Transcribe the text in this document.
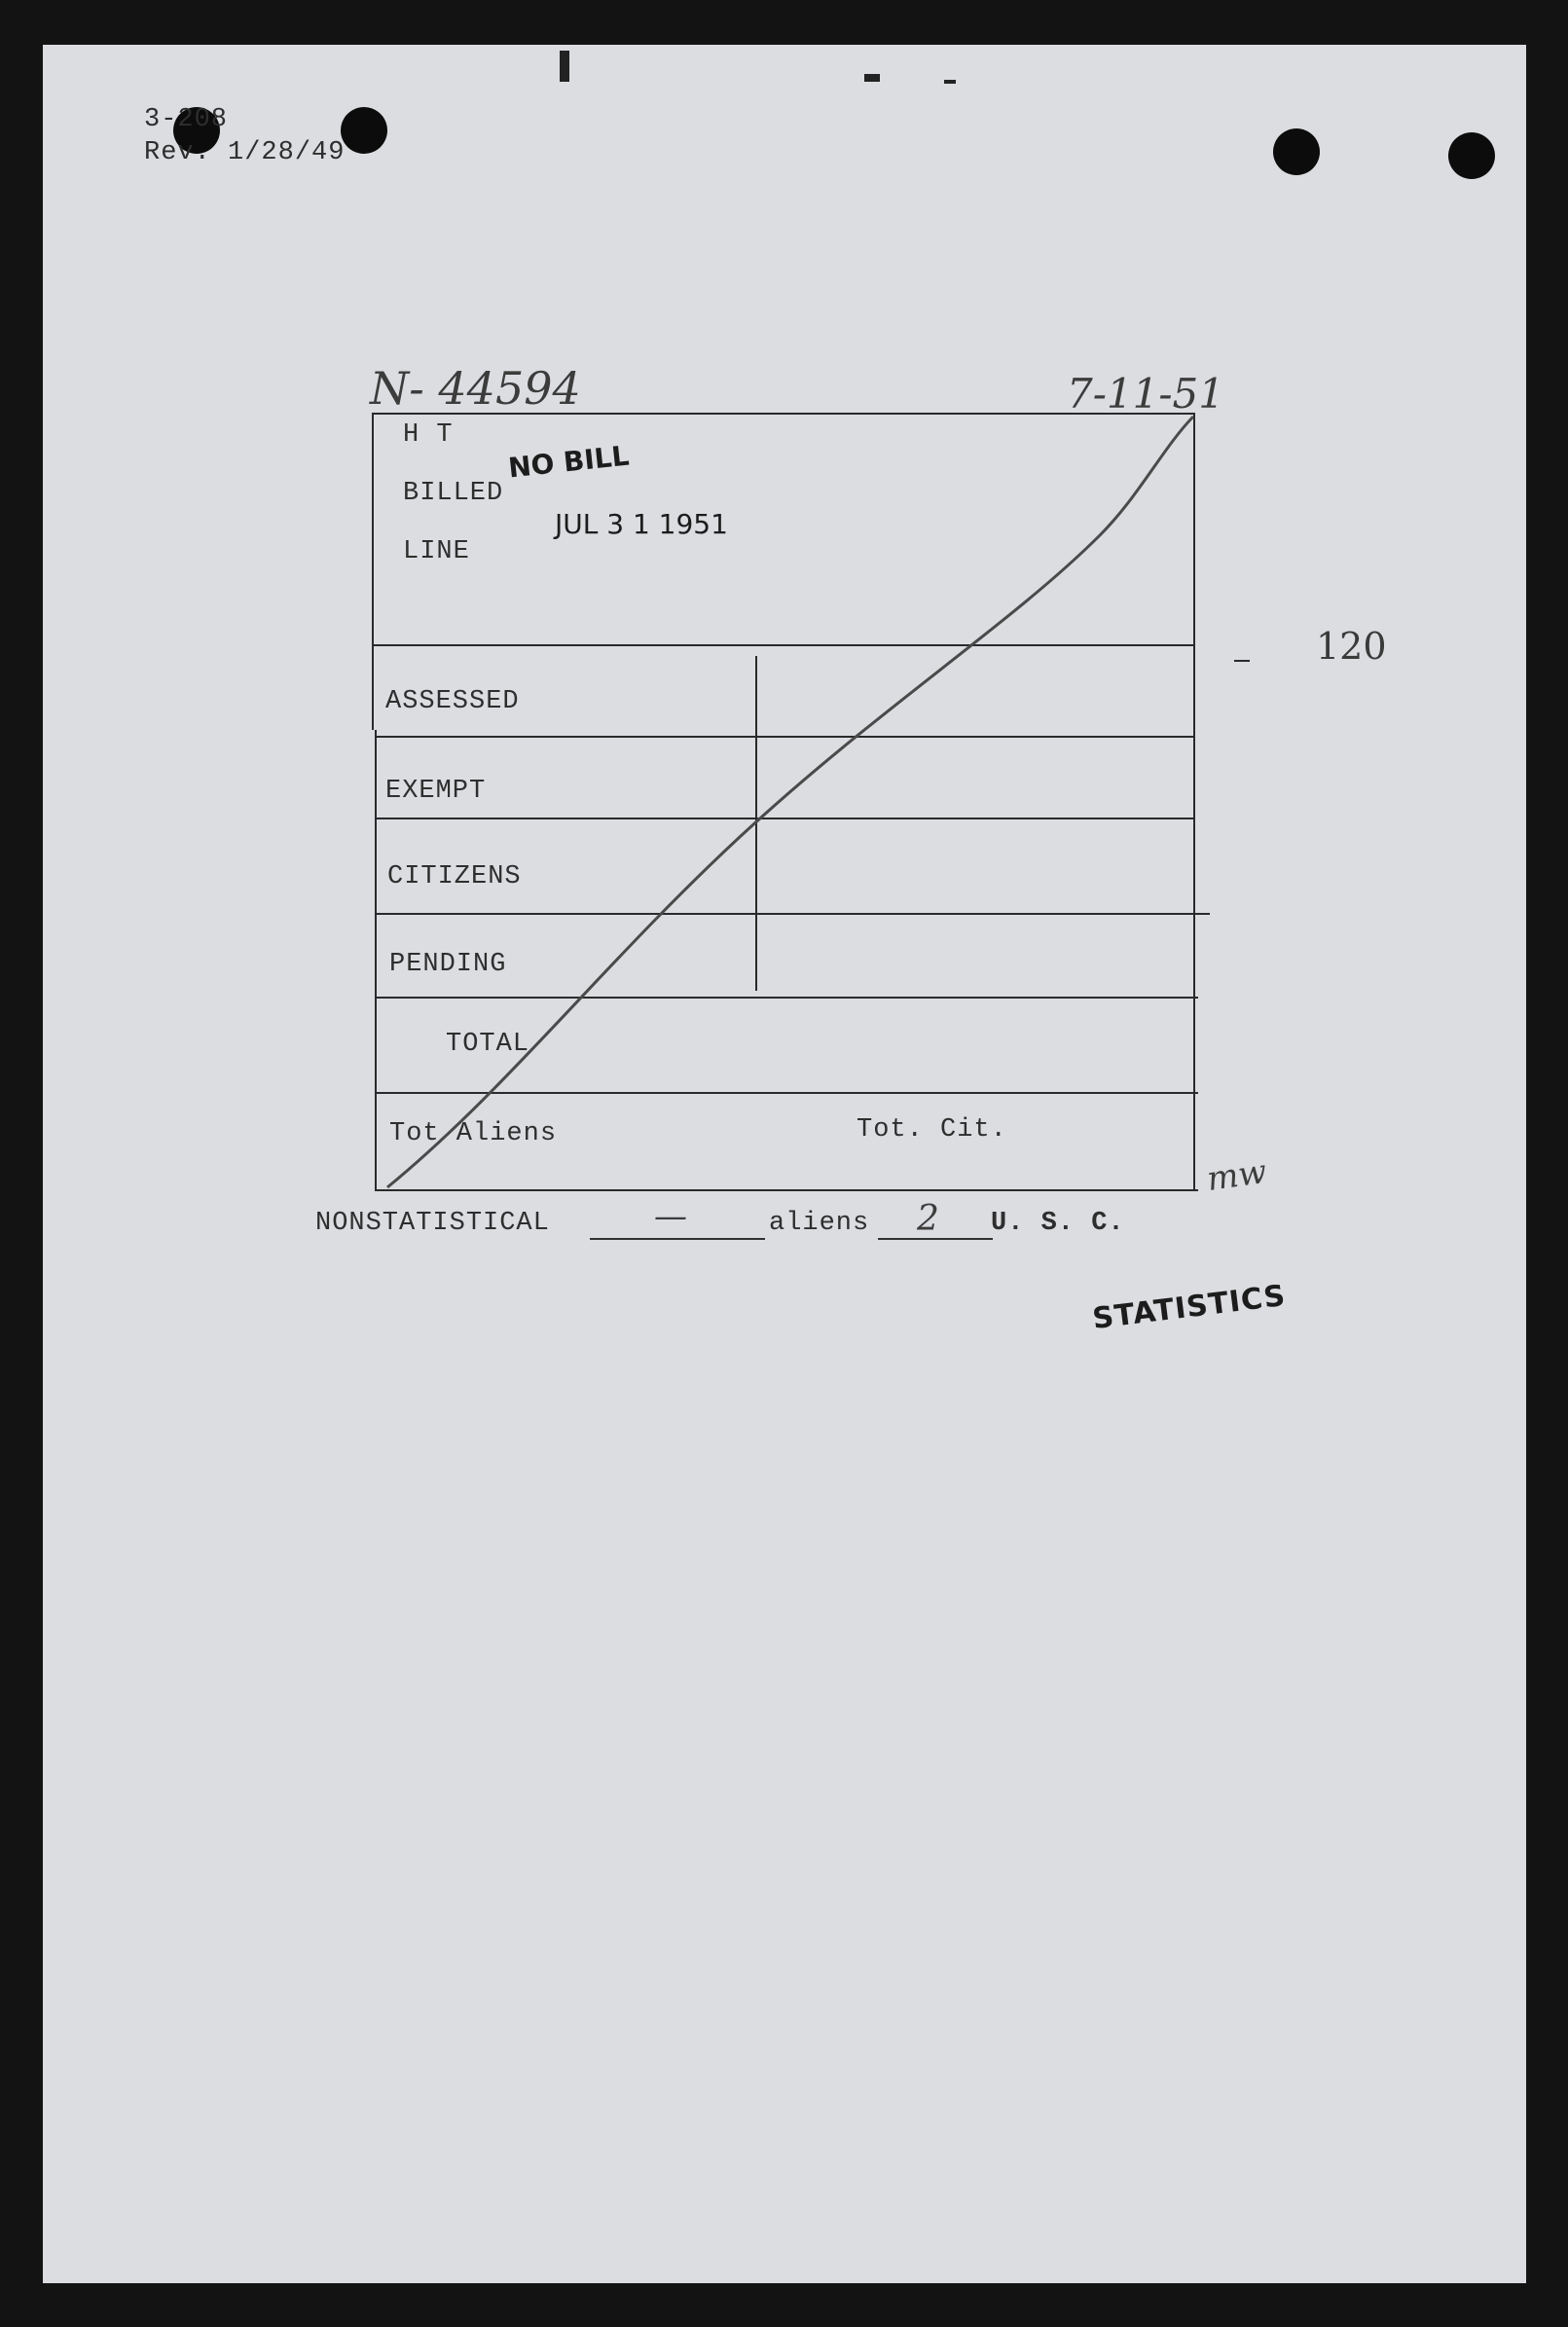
3-208
Rev. 1/28/49
N- 44594	7-11-51
H T
BILLED
LINE
NO BILL
JUL 3 1 1951
ASSESSED
EXEMPT
CITIZENS
PENDING
TOTAL
Tot Aliens	Tot. Cit.
120
mw
NONSTATISTICAL	—	aliens 2 U. S. C.
STATISTICS
